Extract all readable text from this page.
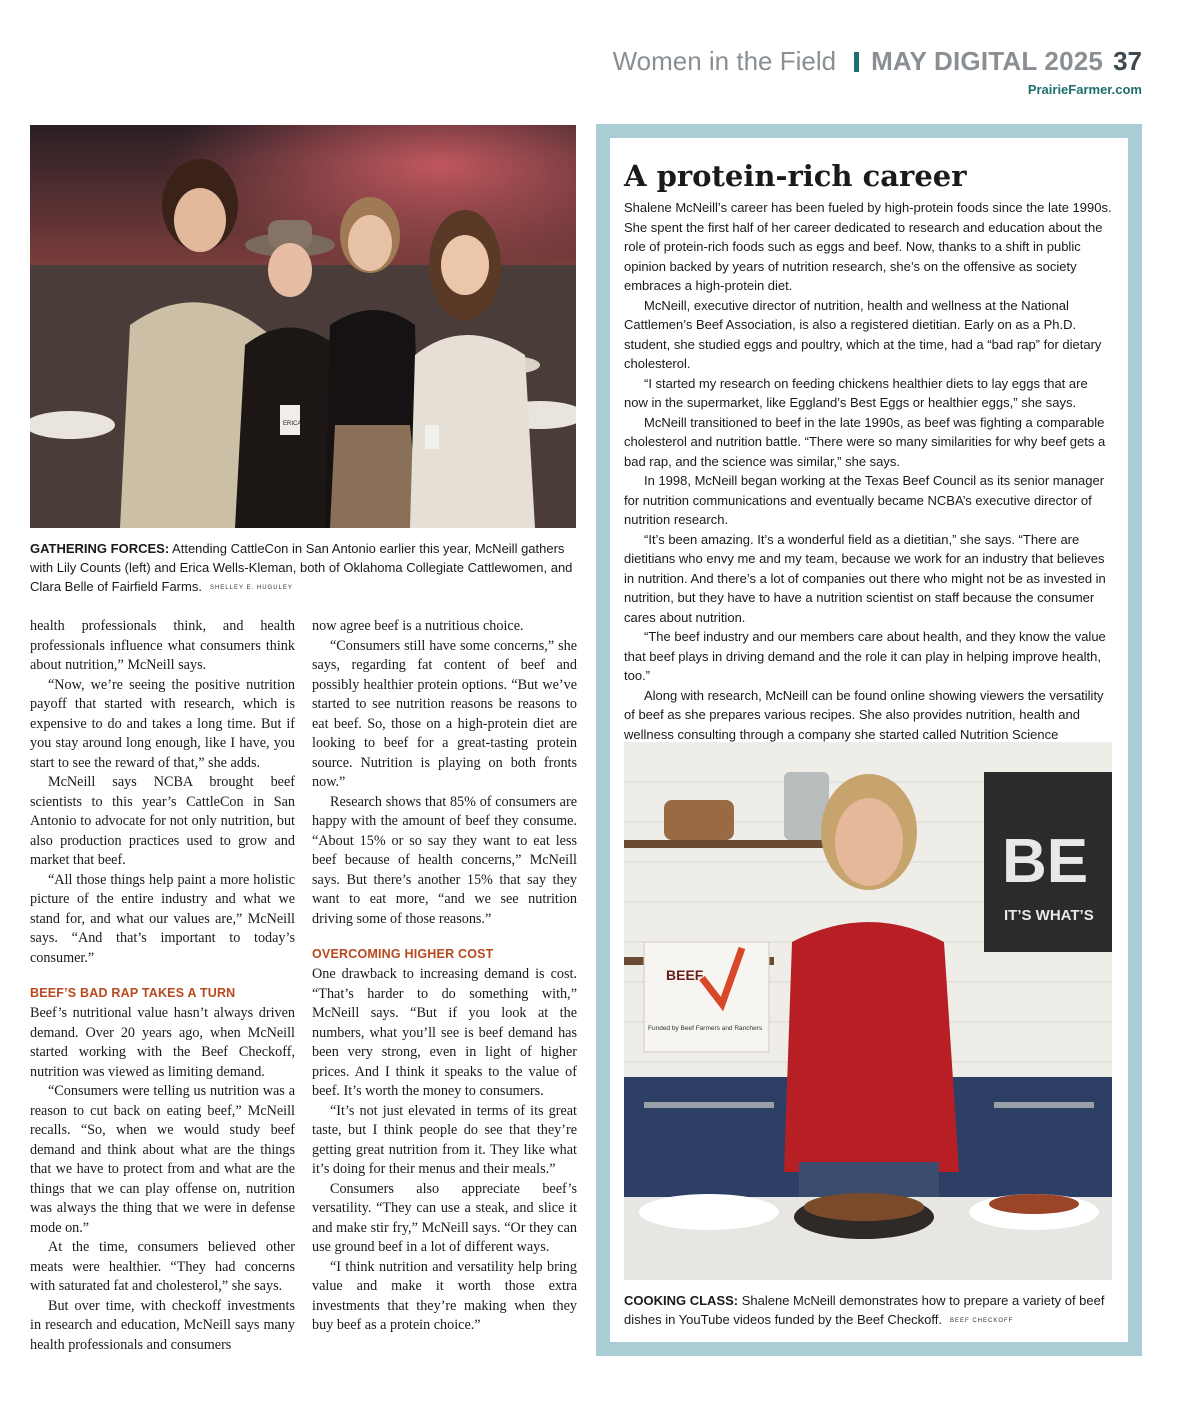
Women in the Field MAY DIGITAL 2025 37
PrairieFarmer.com
ERICA
GATHERING FORCES: Attending CattleCon in San Antonio earlier this year, McNeill gathers with Lily Counts (left) and Erica Wells-Kleman, both of Oklahoma Collegiate Cattlewomen, and Clara Belle of Fairfield Farms. SHELLEY E. HUGULEY

health professionals think, and health professionals influence what consumers think about nutrition,” McNeill says.

“Now, we’re seeing the positive nutrition payoff that started with research, which is expensive to do and takes a long time. But if you stay around long enough, like I have, you start to see the reward of that,” she adds.

McNeill says NCBA brought beef scientists to this year’s CattleCon in San Antonio to advocate for not only nutrition, but also production practices used to grow and market that beef.

“All those things help paint a more holistic picture of the entire industry and what we stand for, and what our values are,” McNeill says. “And that’s important to today’s consumer.”

BEEF’S BAD RAP TAKES A TURN

Beef’s nutritional value hasn’t always driven demand. Over 20 years ago, when McNeill started working with the Beef Checkoff, nutrition was viewed as limiting demand.

“Consumers were telling us nutrition was a reason to cut back on eating beef,” McNeill recalls. “So, when we would study beef demand and think about what are the things that we have to protect from and what are the things that we can play offense on, nutrition was always the thing that we were in defense mode on.”

At the time, consumers believed other meats were healthier. “They had concerns with saturated fat and cholesterol,” she says.

But over time, with checkoff investments in research and education, McNeill says many health professionals and consumers

now agree beef is a nutritious choice.

“Consumers still have some concerns,” she says, regarding fat content of beef and possibly healthier protein options. “But we’ve started to see nutrition reasons be reasons to eat beef. So, those on a high-protein diet are looking to beef for a great-tasting protein source. Nutrition is playing on both fronts now.”

Research shows that 85% of consumers are happy with the amount of beef they consume. “About 15% or so say they want to eat less beef because of health concerns,” McNeill says. But there’s another 15% that say they want to eat more, “and we see nutrition driving some of those reasons.”

OVERCOMING HIGHER COST

One drawback to increasing demand is cost. “That’s harder to do something with,” McNeill says. “But if you look at the numbers, what you’ll see is beef demand has been very strong, even in light of higher prices. And I think it speaks to the value of beef. It’s worth the money to consumers.

“It’s not just elevated in terms of its great taste, but I think people do see that they’re getting great nutrition from it. They like what it’s doing for their menus and their meals.”

Consumers also appreciate beef’s versatility. “They can use a steak, and slice it and make stir fry,” McNeill says. “Or they can use ground beef in a lot of different ways.

“I think nutrition and versatility help bring value and make it worth those extra investments that they’re making when they buy beef as a protein choice.”

A protein-rich career

Shalene McNeill’s career has been fueled by high-protein foods since the late 1990s. She spent the first half of her career dedicated to research and education about the role of protein-rich foods such as eggs and beef. Now, thanks to a shift in public opinion backed by years of nutrition research, she’s on the offensive as society embraces a high-protein diet.

McNeill, executive director of nutrition, health and wellness at the National Cattlemen’s Beef Association, is also a registered dietitian. Early on as a Ph.D. student, she studied eggs and poultry, which at the time, had a “bad rap” for dietary cholesterol.

“I started my research on feeding chickens healthier diets to lay eggs that are now in the supermarket, like Eggland’s Best Eggs or healthier eggs,” she says.

McNeill transitioned to beef in the late 1990s, as beef was fighting a comparable cholesterol and nutrition battle. “There were so many similarities for why beef gets a bad rap, and the science was similar,” she says.

In 1998, McNeill began working at the Texas Beef Council as its senior manager for nutrition communications and eventually became NCBA’s executive director of nutrition research.

“It’s been amazing. It’s a wonderful field as a dietitian,” she says. “There are dietitians who envy me and my team, because we work for an industry that believes in nutrition. And there’s a lot of companies out there who might not be as invested in nutrition, but they have to have a nutrition scientist on staff because the consumer cares about nutrition.

“The beef industry and our members care about health, and they know the value that beef plays in driving demand and the role it can play in helping improve health, too.”

Along with research, McNeill can be found online showing viewers the versatility of beef as she prepares various recipes. She also provides nutrition, health and wellness consulting through a company she started called Nutrition Science

BE
IT’S WHAT’S
BEEF
Funded by Beef Farmers and Ranchers
COOKING CLASS: Shalene McNeill demonstrates how to prepare a variety of beef dishes in YouTube videos funded by the Beef Checkoff. BEEF CHECKOFF
